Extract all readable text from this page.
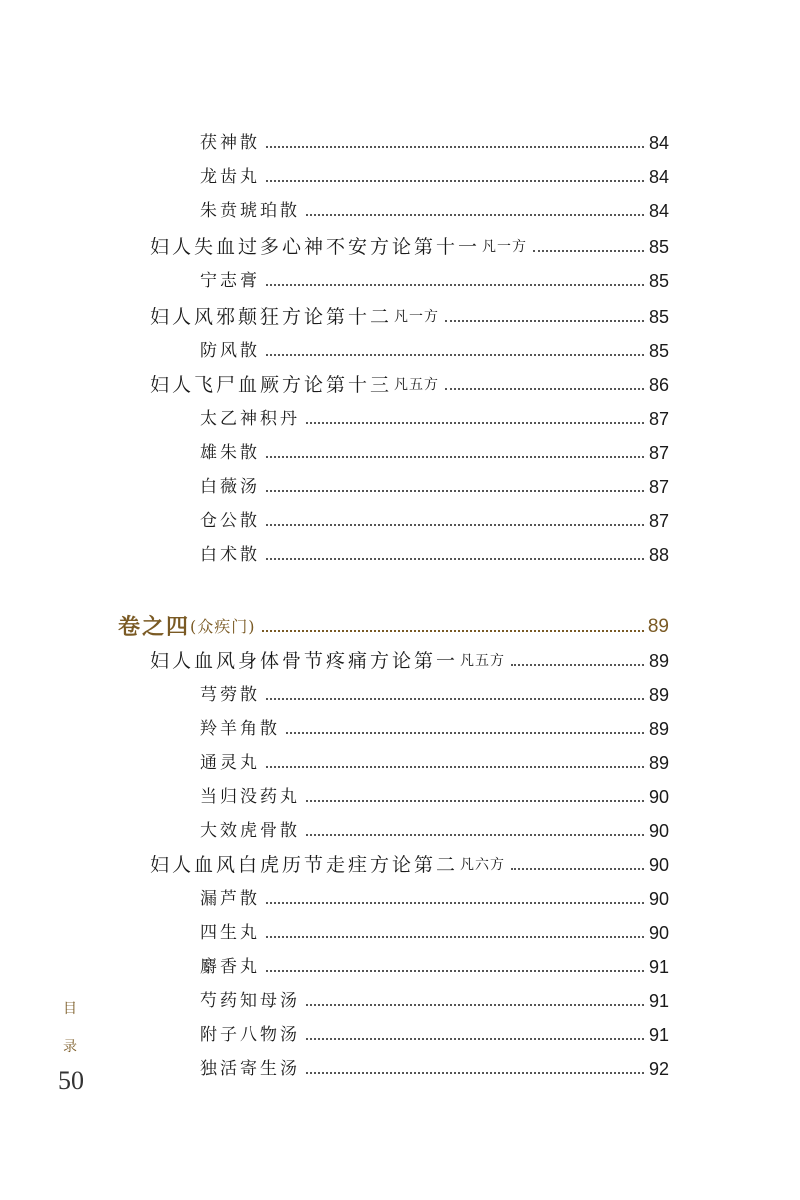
茯神散	84
龙齿丸	84
朱贲琥珀散	84
妇人失血过多心神不安方论第十一 凡一方	85
宁志膏	85
妇人风邪颠狂方论第十二 凡一方	85
防风散	85
妇人飞尸血厥方论第十三 凡五方	86
太乙神积丹	87
雄朱散	87
白薇汤	87
仓公散	87
白术散	88
卷之四 (众疾门)	89
妇人血风身体骨节疼痛方论第一 凡五方	89
芎䓖散	89
羚羊角散	89
通灵丸	89
当归没药丸	90
大效虎骨散	90
妇人血风白虎历节走疰方论第二 凡六方	90
漏芦散	90
四生丸	90
麝香丸	91
芍药知母汤	91
附子八物汤	91
独活寄生汤	92
目
录
50
